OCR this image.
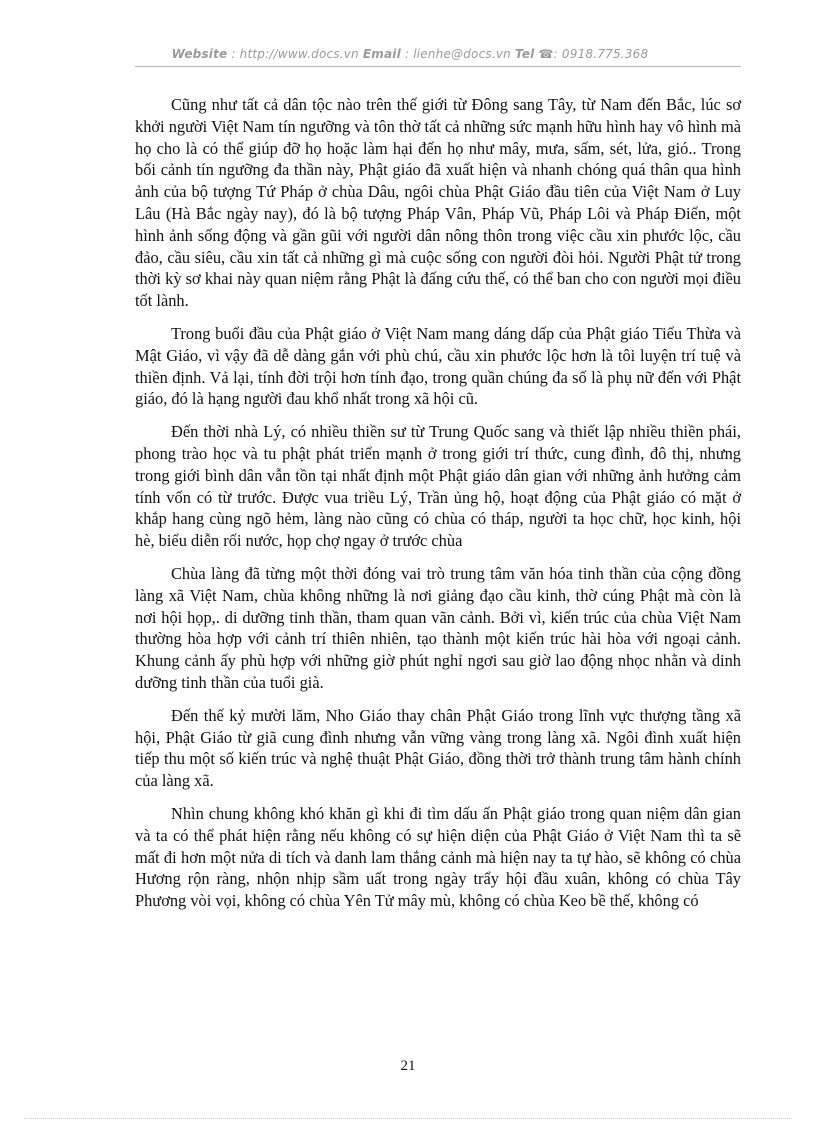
Website : http://www.docs.vn Email : lienhe@docs.vn Tel ☎: 0918.775.368

Cũng như tất cả dân tộc nào trên thế giới từ Đông sang Tây, từ Nam đến Bắc, lúc sơ khởi người Việt Nam tín ngưỡng và tôn thờ tất cả những sức mạnh hữu hình hay vô hình mà họ cho là có thể giúp đỡ họ hoặc làm hại đến họ như mây, mưa, sấm, sét, lửa, gió.. Trong bối cảnh tín ngưỡng đa thần này, Phật giáo đã xuất hiện và nhanh chóng quá thân qua hình ảnh của bộ tượng Tứ Pháp ở chùa Dâu, ngôi chùa Phật Giáo đầu tiên của Việt Nam ở Luy Lâu (Hà Bắc ngày nay), đó là bộ tượng Pháp Vân, Pháp Vũ, Pháp Lôi và Pháp Điển, một hình ảnh sống động và gần gũi với người dân nông thôn trong việc cầu xin phước lộc, cầu đảo, cầu siêu, cầu xin tất cả những gì mà cuộc sống con người đòi hỏi. Người Phật tử trong thời kỳ sơ khai này quan niệm rằng Phật là đấng cứu thế, có thể ban cho con người mọi điều tốt lành.

Trong buổi đầu của Phật giáo ở Việt Nam mang dáng dấp của Phật giáo Tiểu Thừa và Mật Giáo, vì vậy đã dễ dàng gắn với phù chú, cầu xin phước lộc hơn là tôi luyện trí tuệ và thiền định. Vả lại, tính đời trội hơn tính đạo, trong quần chúng đa số là phụ nữ đến với Phật giáo, đó là hạng người đau khổ nhất trong xã hội cũ.

Đến thời nhà Lý, có nhiều thiền sư từ Trung Quốc sang và thiết lập nhiều thiền phái, phong trào học và tu phật phát triển mạnh ở trong giới trí thức, cung đình, đô thị, nhưng trong giới bình dân vẫn tồn tại nhất định một Phật giáo dân gian với những ảnh hưởng cảm tính vốn có từ trước. Được vua triều Lý, Trần ủng hộ, hoạt động của Phật giáo có mặt ở khắp hang cùng ngõ hẻm, làng nào cũng có chùa có tháp, người ta học chữ, học kinh, hội hè, biểu diễn rối nước, họp chợ ngay ở trước chùa

Chùa làng đã từng một thời đóng vai trò trung tâm văn hóa tinh thần của cộng đồng làng xã Việt Nam, chùa không những là nơi giảng đạo cầu kinh, thờ cúng Phật mà còn là nơi hội họp,. di dưỡng tinh thần, tham quan vãn cảnh. Bởi vì, kiến trúc của chùa Việt Nam thường hòa hợp với cảnh trí thiên nhiên, tạo thành một kiến trúc hài hòa với ngoại cảnh. Khung cảnh ấy phù hợp với những giờ phút nghỉ ngơi sau giờ lao động nhọc nhằn và dinh dưỡng tinh thần của tuổi già.

Đến thế kỷ mười lăm, Nho Giáo thay chân Phật Giáo trong lĩnh vực thượng tầng xã hội, Phật Giáo từ giã cung đình nhưng vẫn vững vàng trong làng xã. Ngôi đình xuất hiện tiếp thu một số kiến trúc và nghệ thuật Phật Giáo, đồng thời trở thành trung tâm hành chính của làng xã.

Nhìn chung không khó khăn gì khi đi tìm dấu ấn Phật giáo trong quan niệm dân gian và ta có thể phát hiện rằng nếu không có sự hiện diện của Phật Giáo ở Việt Nam thì ta sẽ mất đi hơn một nửa di tích và danh lam thắng cảnh mà hiện nay ta tự hào, sẽ không có chùa Hương rộn ràng, nhộn nhịp sầm uất trong ngày trẩy hội đầu xuân, không có chùa Tây Phương vòi vọi, không có chùa Yên Tử mây mù, không có chùa Keo bề thế, không có

21
